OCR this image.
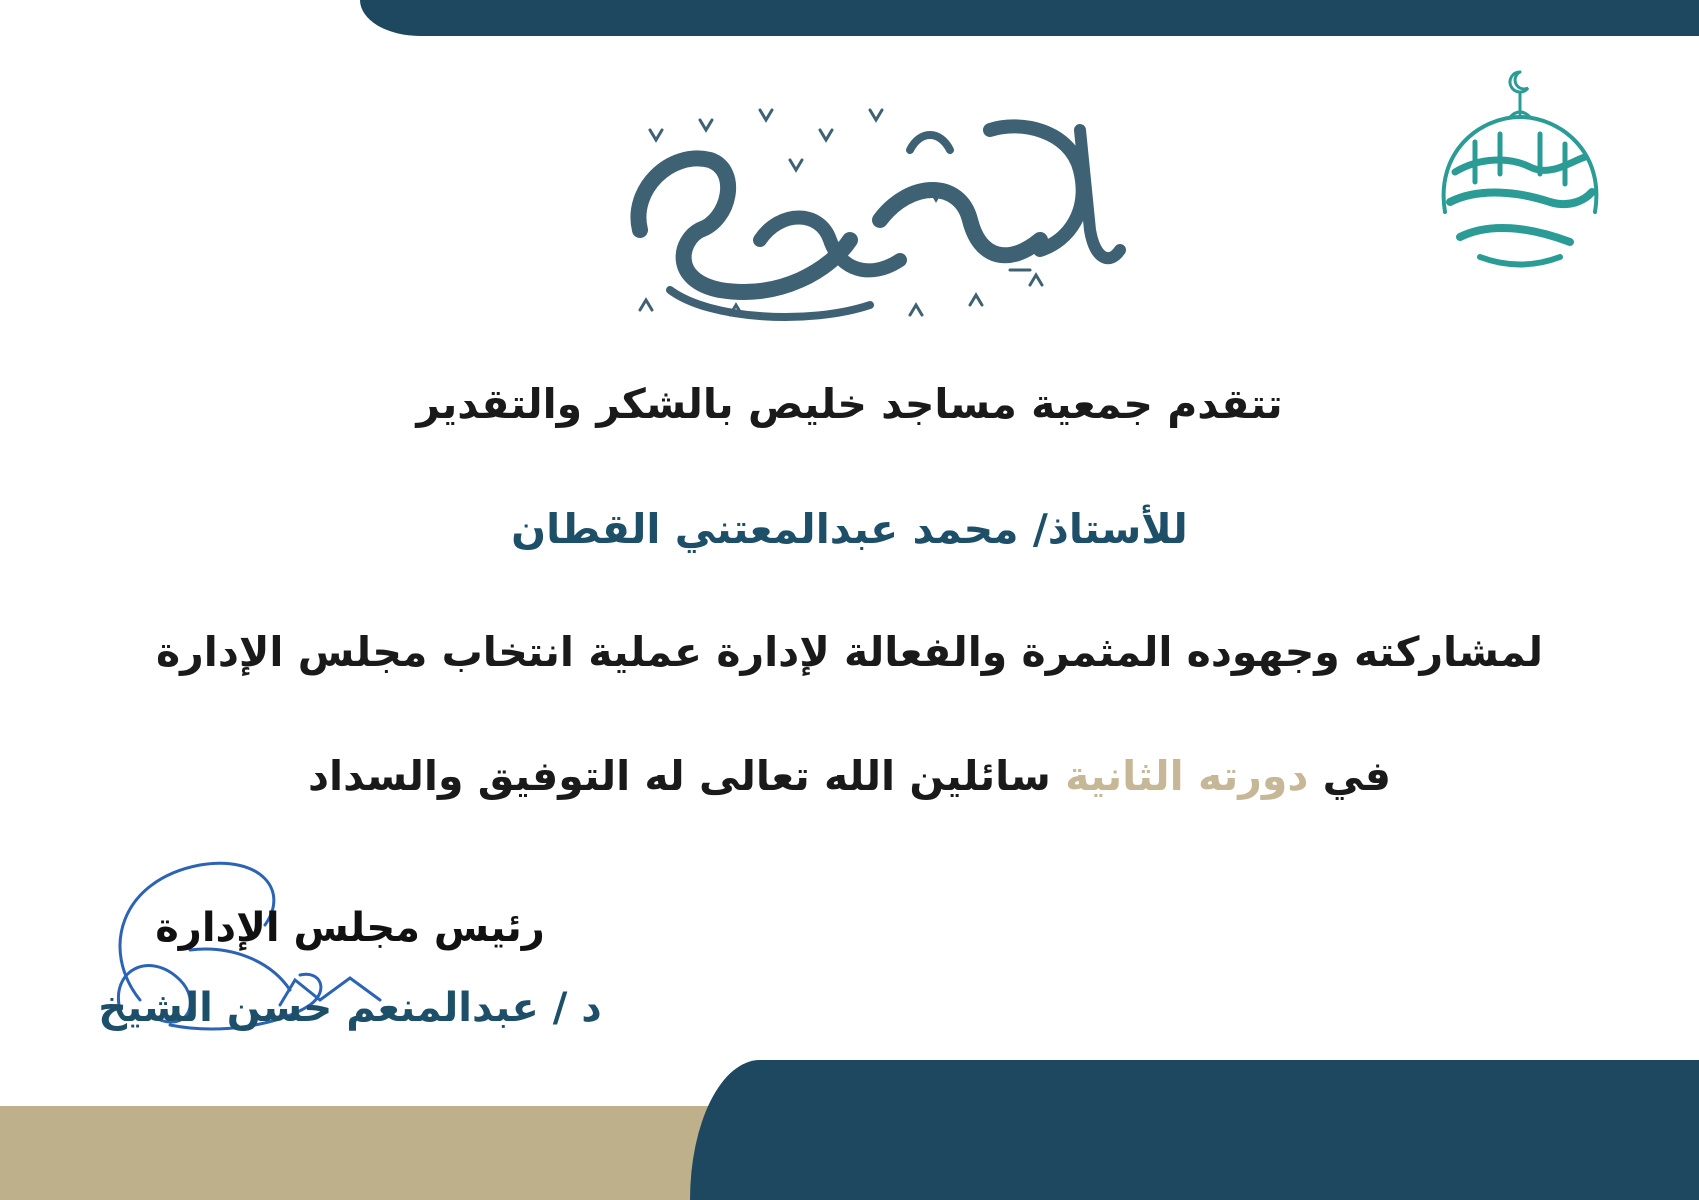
تتقدم جمعية مساجد خليص بالشكر والتقدير
للأستاذ/ محمد عبدالمعتني القطان
لمشاركته وجهوده المثمرة والفعالة لإدارة عملية انتخاب مجلس الإدارة
في دورته الثانية سائلين الله تعالى له التوفيق والسداد
رئيس مجلس الإدارة
د / عبدالمنعم حسن الشيخ
